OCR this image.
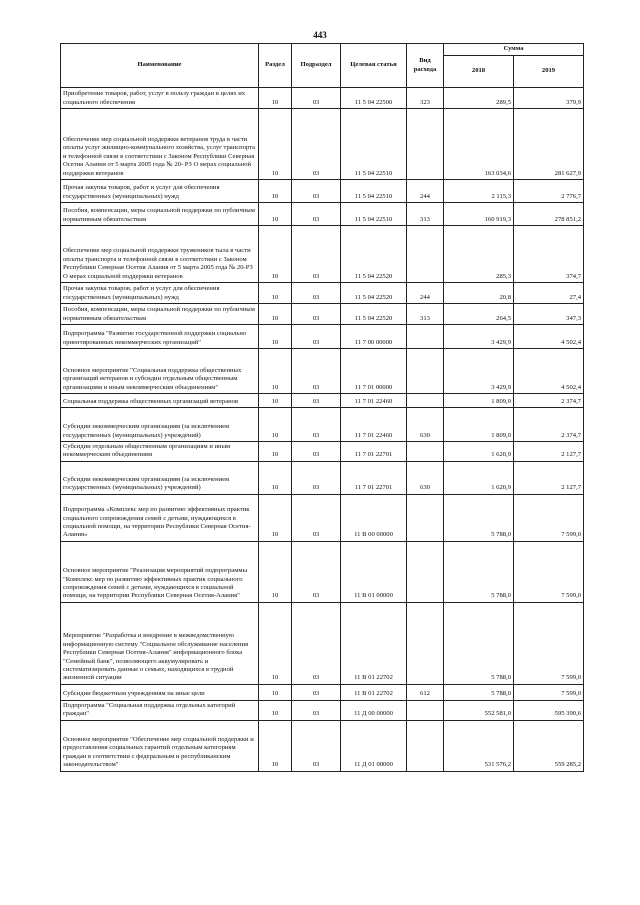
443
Наименование	Раздел	Подраздел	Целевая статья	Вид расхода	Сумма	
					2018	2019
Приобретение товаров, работ, услуг в пользу граждан в целях их социального обеспечения	10	03	11 5 04 22500	323	289,5	379,9
Обеспечение мер социальной поддержки ветеранов труда в части оплаты услуг жилищно-коммунального хозяйства, услуг транспорта и телефонной связи в соответствии с Законом Республики Северная Осетия Алания от 5 марта 2005 года № 20- РЗ О мерах социальной поддержки ветеранов	10	03	11 5 04 22510		163 034,6	281 627,9
Прочая закупка товаров, работ и услуг для обеспечения государственных (муниципальных) нужд	10	03	11 5 04 22510	244	2 115,3	2 776,7
Пособия, компенсации, меры социальной поддержки по публичным нормативным обязательствам	10	03	11 5 04 22510	313	160 919,3	278 851,2
Обеспечение мер социальной поддержки тружеников тыла в части оплаты транспорта и телефонной связи в соответствии с Законом Республики Северная Осетия Алания от 5 марта 2005 года № 20-РЗ О мерах социальной поддержки ветеранов	10	03	11 5 04 22520		285,3	374,7
Прочая закупка товаров, работ и услуг для обеспечения государственных (муниципальных) нужд	10	03	11 5 04 22520	244	20,8	27,4
Пособия, компенсации, меры социальной поддержки по публичным нормативным обязательствам	10	03	11 5 04 22520	313	264,5	347,3
Подпрограмма "Развитие государственной поддержки социально ориентированных некоммерческих организаций"	10	03	11 7 00 00000		3 429,9	4 502,4
Основное мероприятие "Социальная поддержка общественных организаций ветеранов и субсидии отдельным общественным организациям и иным некоммерческим объединениям"	10	03	11 7 01 00000		3 429,9	4 502,4
Социальная поддержка общественных организаций ветеранов	10	03	11 7 01 22460		1 809,0	2 374,7
Субсидии некоммерческим организациям (за исключением государственных (муниципальных) учреждений)	10	03	11 7 01 22460	630	1 809,0	2 374,7
Субсидии отдельным общественным организациям и иным некоммерческим объединениям	10	03	11 7 01 22701		1 620,9	2 127,7
Субсидии некоммерческим организациям (за исключением государственных (муниципальных) учреждений)	10	03	11 7 01 22701	630	1 620,9	2 127,7
Подпрограмма «Комплекс мер по развитию эффективных практик социального сопровождения семей с детьми, нуждающихся в социальной помощи, на территории Республики Северная Осетия-Алания»	10	03	11 В 00 00000		5 788,0	7 599,0
Основное мероприятие "Реализация мероприятий подпрограммы "Комплекс мер по развитию эффективных практик социального сопровождения семей с детьми, нуждающихся в социальной помощи, на территории Республики Северная Осетия-Алания"	10	03	11 В 01 00000		5 788,0	7 599,0
Мероприятие "Разработка и внедрение в межведомственную информационную систему "Социальное обслуживание населения Республики Северная Осетия-Алания" информационного блока "Семейный банк", позволяющего аккумулировать и систематизировать данные о семьях, находящихся в трудной жизненной ситуации	10	03	11 В 01 22702		5 788,0	7 599,0
Субсидии бюджетным учреждениям на иные цели	10	03	11 В 01 22702	612	5 788,0	7 599,0
Подпрограмма "Социальная поддержка отдельных категорий граждан"	10	03	11 Д 00 00000		552 581,0	595 390,6
Основное мероприятие "Обеспечение мер социальной поддержки и предоставления социальных гарантий отдельным категориям граждан в соответствии с федеральным и республиканским законодательством"	10	03	11 Д 01 00000		531 576,2	559 285,2
